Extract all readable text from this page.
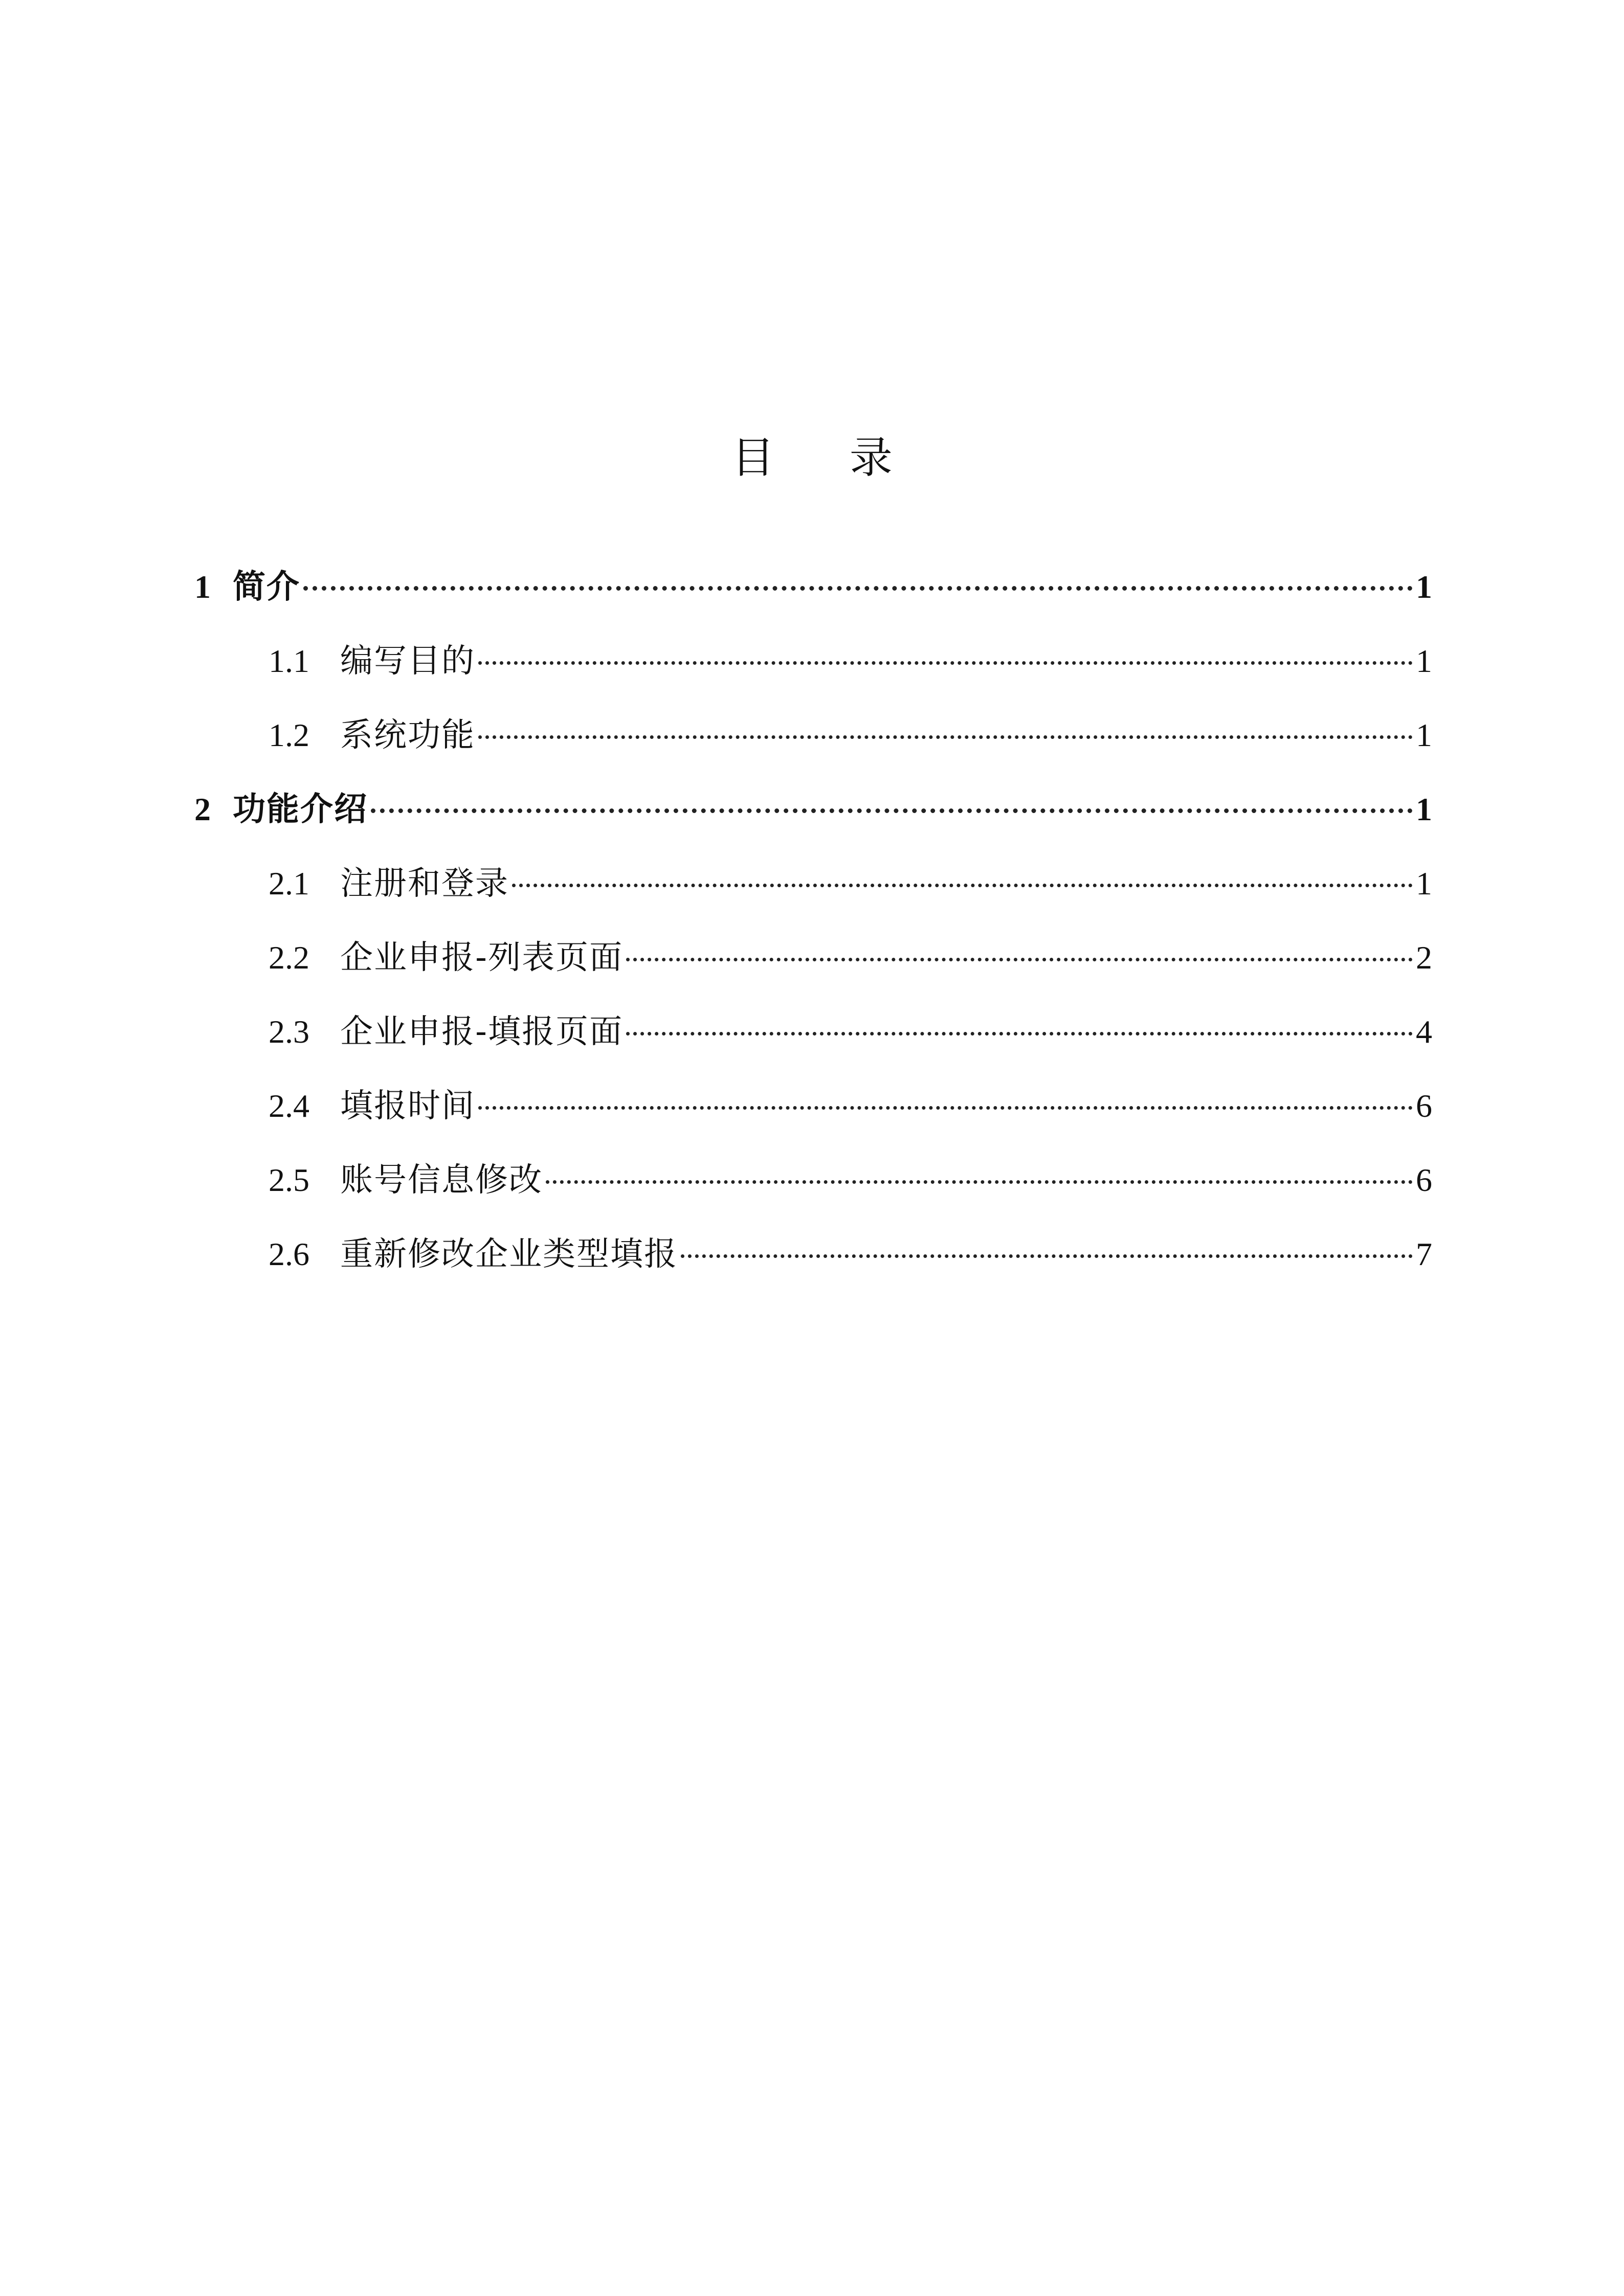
目 录
1 简介	1
1.1 编写目的	1
1.2 系统功能	1
2 功能介绍	1
2.1 注册和登录	1
2.2 企业申报-列表页面	2
2.3 企业申报-填报页面	4
2.4 填报时间	6
2.5 账号信息修改	6
2.6 重新修改企业类型填报	7
